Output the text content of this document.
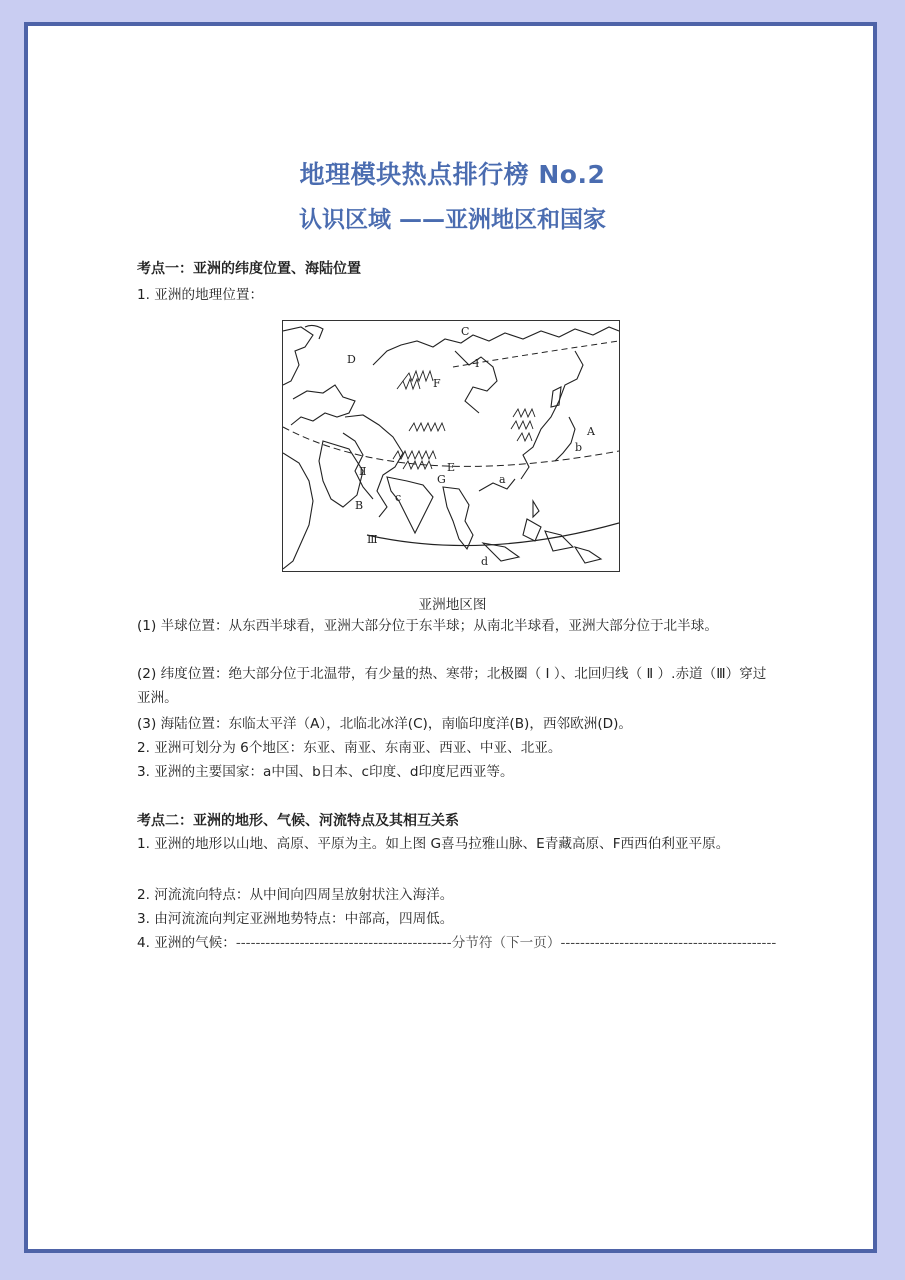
地理模块热点排行榜 No.2
认识区域 ——亚洲地区和国家
考点一：亚洲的纬度位置、海陆位置
1. 亚洲的地理位置：
C
D	Ⅰ
F
A
b
E
G	a
Ⅱ
c
B
Ⅲ
d
亚洲地区图
(1) 半球位置：从东西半球看，亚洲大部分位于东半球；从南北半球看，亚洲大部分位于北半球。
(2) 纬度位置：绝大部分位于北温带，有少量的热、寒带；北极圈（ Ⅰ ）、北回归线（ Ⅱ ）.赤道（Ⅲ）穿过亚洲。
(3) 海陆位置：东临太平洋（A），北临北冰洋(C)，南临印度洋(B)，西邻欧洲(D)。
2. 亚洲可划分为 6个地区：东亚、南亚、东南亚、西亚、中亚、北亚。
3. 亚洲的主要国家：a中国、b日本、c印度、d印度尼西亚等。
考点二：亚洲的地形、气候、河流特点及其相互关系
1. 亚洲的地形以山地、高原、平原为主。如上图 G喜马拉雅山脉、E青藏高原、F西西伯利亚平原。
2. 河流流向特点：从中间向四周呈放射状注入海洋。
3. 由河流流向判定亚洲地势特点：中部高，四周低。
4. 亚洲的气候：--------------------------------------------分节符（下一页）--------------------------------------------
